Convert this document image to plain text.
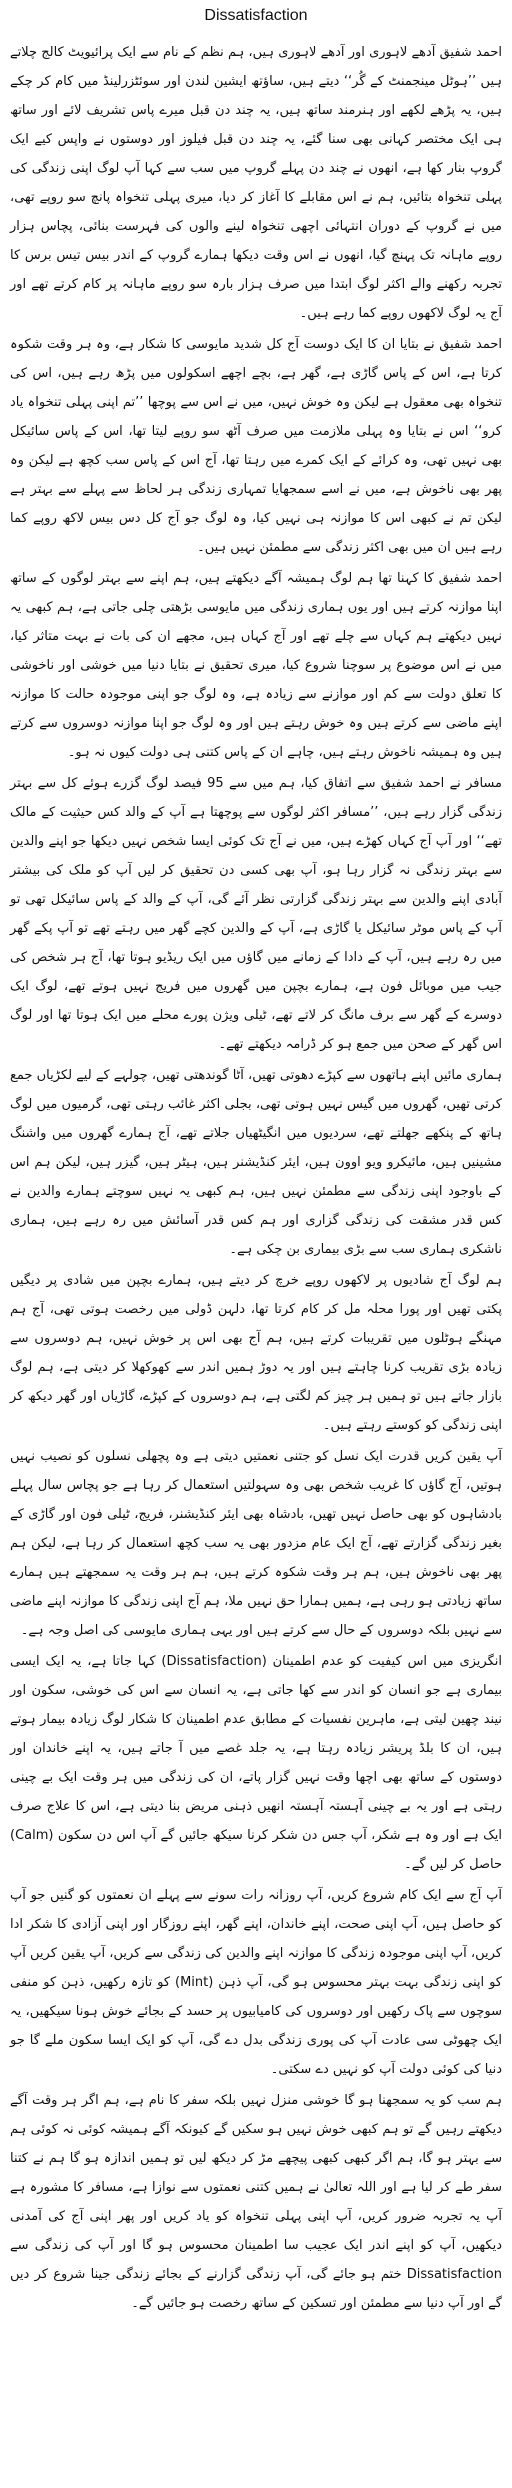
Dissatisfaction

احمد شفیق آدھے لاہوری اور آدھے لاہوری ہیں، ہم نظم کے نام سے ایک پرائیویٹ کالج چلاتے ہیں ’’ہوٹل مینجمنٹ کے گُر‘‘ دیتے ہیں، ساؤتھ ایشین لندن اور سوئٹزرلینڈ میں کام کر چکے ہیں، یہ پڑھے لکھے اور ہنرمند ساتھ ہیں، یہ چند دن قبل میرے پاس تشریف لائے اور ساتھ ہی ایک مختصر کہانی بھی سنا گئے، یہ چند دن قبل فیلوز اور دوستوں نے واپس کیے ایک گروپ بنار کھا ہے، انھوں نے چند دن پہلے گروپ میں سب سے کہا آپ لوگ اپنی زندگی کی پہلی تنخواہ بتائیں، ہم نے اس مقابلے کا آغاز کر دیا، میری پہلی تنخواہ پانچ سو روپے تھی، میں نے گروپ کے دوران انتہائی اچھی تنخواہ لینے والوں کی فہرست بنائی، پچاس ہزار روپے ماہانہ تک پہنچ گیا، انھوں نے اس وقت دیکھا ہمارے گروپ کے اندر بیس تیس برس کا تجربہ رکھنے والے اکثر لوگ ابتدا میں صرف ہزار بارہ سو روپے ماہانہ پر کام کرتے تھے اور آج یہ لوگ لاکھوں روپے کما رہے ہیں۔

احمد شفیق نے بتایا ان کا ایک دوست آج کل شدید مایوسی کا شکار ہے، وہ ہر وقت شکوہ کرتا ہے، اس کے پاس گاڑی ہے، گھر ہے، بچے اچھے اسکولوں میں پڑھ رہے ہیں، اس کی تنخواہ بھی معقول ہے لیکن وہ خوش نہیں، میں نے اس سے پوچھا ’’تم اپنی پہلی تنخواہ یاد کرو‘‘ اس نے بتایا وہ پہلی ملازمت میں صرف آٹھ سو روپے لیتا تھا، اس کے پاس سائیکل بھی نہیں تھی، وہ کرائے کے ایک کمرے میں رہتا تھا، آج اس کے پاس سب کچھ ہے لیکن وہ پھر بھی ناخوش ہے، میں نے اسے سمجھایا تمہاری زندگی ہر لحاظ سے پہلے سے بہتر ہے لیکن تم نے کبھی اس کا موازنہ ہی نہیں کیا، وہ لوگ جو آج کل دس بیس لاکھ روپے کما رہے ہیں ان میں بھی اکثر زندگی سے مطمئن نہیں ہیں۔

احمد شفیق کا کہنا تھا ہم لوگ ہمیشہ آگے دیکھتے ہیں، ہم اپنے سے بہتر لوگوں کے ساتھ اپنا موازنہ کرتے ہیں اور یوں ہماری زندگی میں مایوسی بڑھتی چلی جاتی ہے، ہم کبھی یہ نہیں دیکھتے ہم کہاں سے چلے تھے اور آج کہاں ہیں، مجھے ان کی بات نے بہت متاثر کیا، میں نے اس موضوع پر سوچنا شروع کیا، میری تحقیق نے بتایا دنیا میں خوشی اور ناخوشی کا تعلق دولت سے کم اور موازنے سے زیادہ ہے، وہ لوگ جو اپنی موجودہ حالت کا موازنہ اپنے ماضی سے کرتے ہیں وہ خوش رہتے ہیں اور وہ لوگ جو اپنا موازنہ دوسروں سے کرتے ہیں وہ ہمیشہ ناخوش رہتے ہیں، چاہے ان کے پاس کتنی ہی دولت کیوں نہ ہو۔

مسافر نے احمد شفیق سے اتفاق کیا، ہم میں سے 95 فیصد لوگ گزرے ہوئے کل سے بہتر زندگی گزار رہے ہیں، ’’مسافر اکثر لوگوں سے پوچھتا ہے آپ کے والد کس حیثیت کے مالک تھے‘‘ اور آپ آج کہاں کھڑے ہیں، میں نے آج تک کوئی ایسا شخص نہیں دیکھا جو اپنے والدین سے بہتر زندگی نہ گزار رہا ہو، آپ بھی کسی دن تحقیق کر لیں آپ کو ملک کی بیشتر آبادی اپنے والدین سے بہتر زندگی گزارتی نظر آئے گی، آپ کے والد کے پاس سائیکل تھی تو آپ کے پاس موٹر سائیکل یا گاڑی ہے، آپ کے والدین کچے گھر میں رہتے تھے تو آپ پکے گھر میں رہ رہے ہیں، آپ کے دادا کے زمانے میں گاؤں میں ایک ریڈیو ہوتا تھا، آج ہر شخص کی جیب میں موبائل فون ہے، ہمارے بچپن میں گھروں میں فریج نہیں ہوتے تھے، لوگ ایک دوسرے کے گھر سے برف مانگ کر لاتے تھے، ٹیلی ویژن پورے محلے میں ایک ہوتا تھا اور لوگ اس گھر کے صحن میں جمع ہو کر ڈرامہ دیکھتے تھے۔

ہماری مائیں اپنے ہاتھوں سے کپڑے دھوتی تھیں، آٹا گوندھتی تھیں، چولہے کے لیے لکڑیاں جمع کرتی تھیں، گھروں میں گیس نہیں ہوتی تھی، بجلی اکثر غائب رہتی تھی، گرمیوں میں لوگ ہاتھ کے پنکھے جھلتے تھے، سردیوں میں انگیٹھیاں جلاتے تھے، آج ہمارے گھروں میں واشنگ مشینیں ہیں، مائیکرو ویو اوون ہیں، ایئر کنڈیشنر ہیں، ہیٹر ہیں، گیزر ہیں، لیکن ہم اس کے باوجود اپنی زندگی سے مطمئن نہیں ہیں، ہم کبھی یہ نہیں سوچتے ہمارے والدین نے کس قدر مشقت کی زندگی گزاری اور ہم کس قدر آسائش میں رہ رہے ہیں، ہماری ناشکری ہماری سب سے بڑی بیماری بن چکی ہے۔

ہم لوگ آج شادیوں پر لاکھوں روپے خرچ کر دیتے ہیں، ہمارے بچپن میں شادی پر دیگیں پکتی تھیں اور پورا محلہ مل کر کام کرتا تھا، دلہن ڈولی میں رخصت ہوتی تھی، آج ہم مہنگے ہوٹلوں میں تقریبات کرتے ہیں، ہم آج بھی اس پر خوش نہیں، ہم دوسروں سے زیادہ بڑی تقریب کرنا چاہتے ہیں اور یہ دوڑ ہمیں اندر سے کھوکھلا کر دیتی ہے، ہم لوگ بازار جاتے ہیں تو ہمیں ہر چیز کم لگتی ہے، ہم دوسروں کے کپڑے، گاڑیاں اور گھر دیکھ کر اپنی زندگی کو کوستے رہتے ہیں۔

آپ یقین کریں قدرت ایک نسل کو جتنی نعمتیں دیتی ہے وہ پچھلی نسلوں کو نصیب نہیں ہوتیں، آج گاؤں کا غریب شخص بھی وہ سہولتیں استعمال کر رہا ہے جو پچاس سال پہلے بادشاہوں کو بھی حاصل نہیں تھیں، بادشاہ بھی ایئر کنڈیشنر، فریج، ٹیلی فون اور گاڑی کے بغیر زندگی گزارتے تھے، آج ایک عام مزدور بھی یہ سب کچھ استعمال کر رہا ہے، لیکن ہم پھر بھی ناخوش ہیں، ہم ہر وقت شکوہ کرتے ہیں، ہم ہر وقت یہ سمجھتے ہیں ہمارے ساتھ زیادتی ہو رہی ہے، ہمیں ہمارا حق نہیں ملا، ہم آج اپنی زندگی کا موازنہ اپنے ماضی سے نہیں بلکہ دوسروں کے حال سے کرتے ہیں اور یہی ہماری مایوسی کی اصل وجہ ہے۔

انگریزی میں اس کیفیت کو عدم اطمینان (Dissatisfaction) کہا جاتا ہے، یہ ایک ایسی بیماری ہے جو انسان کو اندر سے کھا جاتی ہے، یہ انسان سے اس کی خوشی، سکون اور نیند چھین لیتی ہے، ماہرین نفسیات کے مطابق عدم اطمینان کا شکار لوگ زیادہ بیمار ہوتے ہیں، ان کا بلڈ پریشر زیادہ رہتا ہے، یہ جلد غصے میں آ جاتے ہیں، یہ اپنے خاندان اور دوستوں کے ساتھ بھی اچھا وقت نہیں گزار پاتے، ان کی زندگی میں ہر وقت ایک بے چینی رہتی ہے اور یہ بے چینی آہستہ آہستہ انھیں ذہنی مریض بنا دیتی ہے، اس کا علاج صرف ایک ہے اور وہ ہے شکر، آپ جس دن شکر کرنا سیکھ جائیں گے آپ اس دن سکون (Calm) حاصل کر لیں گے۔

آپ آج سے ایک کام شروع کریں، آپ روزانہ رات سونے سے پہلے ان نعمتوں کو گنیں جو آپ کو حاصل ہیں، آپ اپنی صحت، اپنے خاندان، اپنے گھر، اپنے روزگار اور اپنی آزادی کا شکر ادا کریں، آپ اپنی موجودہ زندگی کا موازنہ اپنے والدین کی زندگی سے کریں، آپ یقین کریں آپ کو اپنی زندگی بہت بہتر محسوس ہو گی، آپ ذہن (Mint) کو تازہ رکھیں، ذہن کو منفی سوچوں سے پاک رکھیں اور دوسروں کی کامیابیوں پر حسد کے بجائے خوش ہونا سیکھیں، یہ ایک چھوٹی سی عادت آپ کی پوری زندگی بدل دے گی، آپ کو ایک ایسا سکون ملے گا جو دنیا کی کوئی دولت آپ کو نہیں دے سکتی۔

ہم سب کو یہ سمجھنا ہو گا خوشی منزل نہیں بلکہ سفر کا نام ہے، ہم اگر ہر وقت آگے دیکھتے رہیں گے تو ہم کبھی خوش نہیں ہو سکیں گے کیونکہ آگے ہمیشہ کوئی نہ کوئی ہم سے بہتر ہو گا، ہم اگر کبھی کبھی پیچھے مڑ کر دیکھ لیں تو ہمیں اندازہ ہو گا ہم نے کتنا سفر طے کر لیا ہے اور اللہ تعالیٰ نے ہمیں کتنی نعمتوں سے نوازا ہے، مسافر کا مشورہ ہے آپ یہ تجربہ ضرور کریں، آپ اپنی پہلی تنخواہ کو یاد کریں اور پھر اپنی آج کی آمدنی دیکھیں، آپ کو اپنے اندر ایک عجیب سا اطمینان محسوس ہو گا اور آپ کی زندگی سے Dissatisfaction ختم ہو جائے گی، آپ زندگی گزارنے کے بجائے زندگی جینا شروع کر دیں گے اور آپ دنیا سے مطمئن اور تسکین کے ساتھ رخصت ہو جائیں گے۔
